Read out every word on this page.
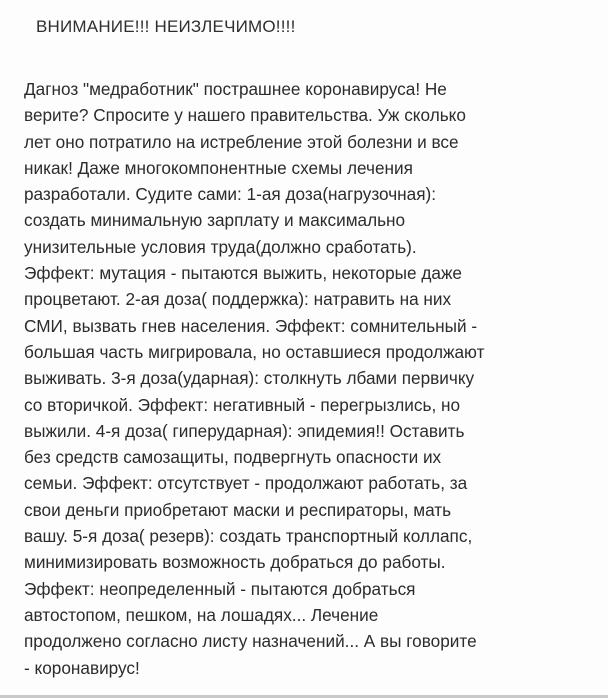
ВНИМАНИЕ!!! НЕИЗЛЕЧИМО!!!!
Дагноз "медработник" пострашнее коронавируса! Не
верите? Спросите у нашего правительства. Уж сколько
лет оно потратило на истребление этой болезни и все
никак! Даже многокомпонентные схемы лечения
разработали. Судите сами: 1-ая доза(нагрузочная):
создать минимальную зарплату и максимально
унизительные условия труда(должно сработать).
Эффект: мутация - пытаются выжить, некоторые даже
процветают. 2-ая доза( поддержка): натравить на них
СМИ, вызвать гнев населения. Эффект: сомнительный -
большая часть мигрировала, но оставшиеся продолжают
выживать. 3-я доза(ударная): столкнуть лбами первичку
со вторичкой. Эффект: негативный - перегрызлись, но
выжили. 4-я доза( гиперударная): эпидемия!! Оставить
без средств самозащиты, подвергнуть опасности их
семьи. Эффект: отсутствует - продолжают работать, за
свои деньги приобретают маски и респираторы, мать
вашу. 5-я доза( резерв): создать транспортный коллапс,
минимизировать возможность добраться до работы.
Эффект: неопределенный - пытаются добраться
автостопом, пешком, на лошадях... Лечение
продолжено согласно листу назначений... А вы говорите
- коронавирус!
